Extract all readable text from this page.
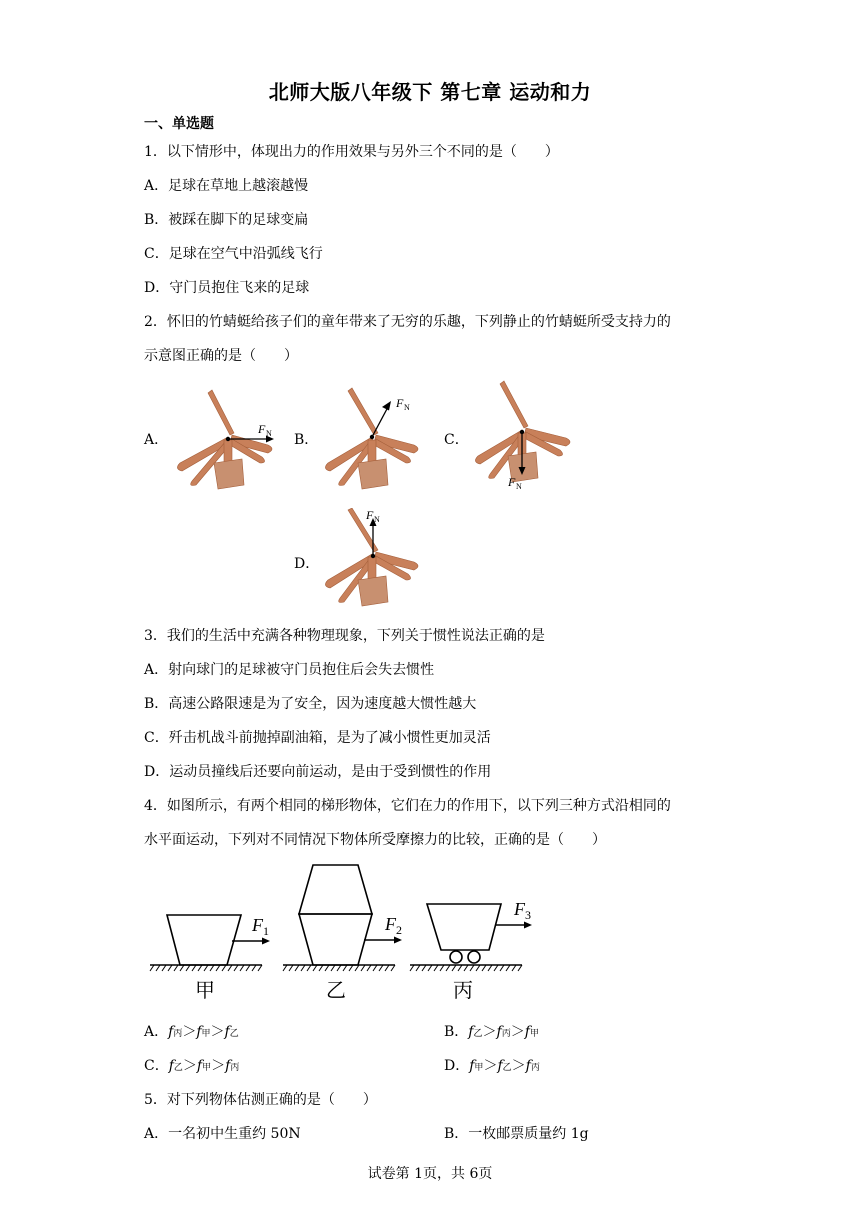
北师大版八年级下 第七章 运动和力
一、单选题
1．以下情形中，体现出力的作用效果与另外三个不同的是（　　）
A．足球在草地上越滚越慢
B．被踩在脚下的足球变扁
C．足球在空气中沿弧线飞行
D．守门员抱住飞来的足球
2．怀旧的竹蜻蜓给孩子们的童年带来了无穷的乐趣，下列静止的竹蜻蜓所受支持力的
示意图正确的是（　　）
A．	B．	C．
D．
F N
F N
F N
F N
3．我们的生活中充满各种物理现象，下列关于惯性说法正确的是
A．射向球门的足球被守门员抱住后会失去惯性
B．高速公路限速是为了安全，因为速度越大惯性越大
C．歼击机战斗前抛掉副油箱，是为了减小惯性更加灵活
D．运动员撞线后还要向前运动，是由于受到惯性的作用
4．如图所示，有两个相同的梯形物体，它们在力的作用下，以下列三种方式沿相同的
水平面运动，下列对不同情况下物体所受摩擦力的比较，正确的是（　　）
F	F
F
1	2
3
甲	乙	丙
A．f丙＞f甲＞f乙	B．f乙＞f丙＞f甲
C．f乙＞f甲＞f丙	D．f甲＞f乙＞f丙
5．对下列物体估测正确的是（　　）
A．一名初中生重约 50N	B．一枚邮票质量约 1g
试卷第 1页，共 6页
